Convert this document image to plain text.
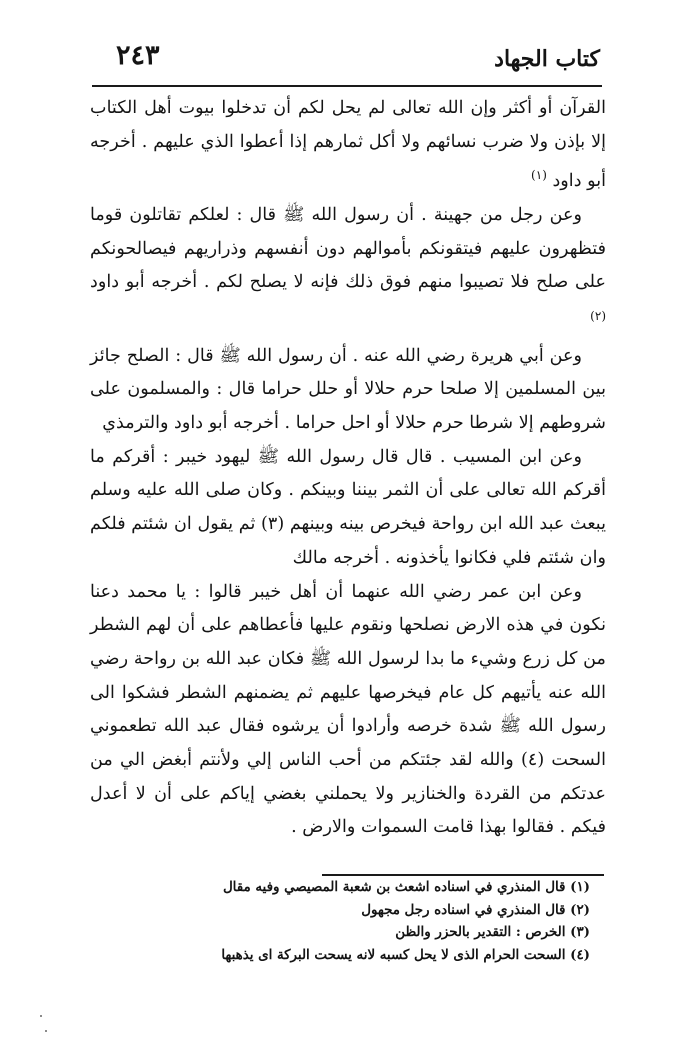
٢٤٣	كتاب الجهاد

القرآن أو أكثر وإن الله تعالى لم يحل لكم أن تدخلوا بيوت أهل الكتاب إلا بإذن ولا ضرب نسائهم ولا أكل ثمارهم إذا أعطوا الذي عليهم . أخرجه أبو داود $^{(١)}$

وعن رجل من جهينة . أن رسول الله ﷺ قال : لعلكم تقاتلون قوما فتظهرون عليهم فيتقونكم بأموالهم دون أنفسهم وذراريهم فيصالحونكم على صلح فلا تصيبوا منهم فوق ذلك فإنه لا يصلح لكم . أخرجه أبو داود $^{(٢)}$

وعن أبي هريرة رضي الله عنه . أن رسول الله ﷺ قال : الصلح جائز بين المسلمين إلا صلحا حرم حلالا أو حلل حراما قال : والمسلمون على شروطهم إلا شرطا حرم حلالا أو احل حراما . أخرجه أبو داود والترمذي

وعن ابن المسيب . قال قال رسول الله ﷺ ليهود خيبر : أقركم ما أقركم الله تعالى على أن الثمر بيننا وبينكم . وكان صلى الله عليه وسلم يبعث عبد الله ابن رواحة فيخرص بينه وبينهم (٣) ثم يقول ان شئتم فلكم وان شئتم فلي فكانوا يأخذونه . أخرجه مالك

وعن ابن عمر رضي الله عنهما أن أهل خيبر قالوا : يا محمد دعنا نكون في هذه الارض نصلحها ونقوم عليها فأعطاهم على أن لهم الشطر من كل زرع وشيء ما بدا لرسول الله ﷺ فكان عبد الله بن رواحة رضي الله عنه يأتيهم كل عام فيخرصها عليهم ثم يضمنهم الشطر فشكوا الى رسول الله ﷺ شدة خرصه وأرادوا أن يرشوه فقال عبد الله تطعموني السحت (٤) والله لقد جئتكم من أحب الناس إلي ولأنتم أبغض الي من عدتكم من القردة والخنازير ولا يحملني بغضي إياكم على أن لا أعدل فيكم . فقالوا بهذا قامت السموات والارض .

(١) قال المنذري في اسناده اشعث بن شعبة المصيصي وفيه مقال
(٢) قال المنذري في اسناده رجل مجهول
(٣) الخرص : التقدير بالحزر والظن
(٤) السحت الحرام الذى لا يحل كسبه لانه يسحت البركة اى يذهبها
